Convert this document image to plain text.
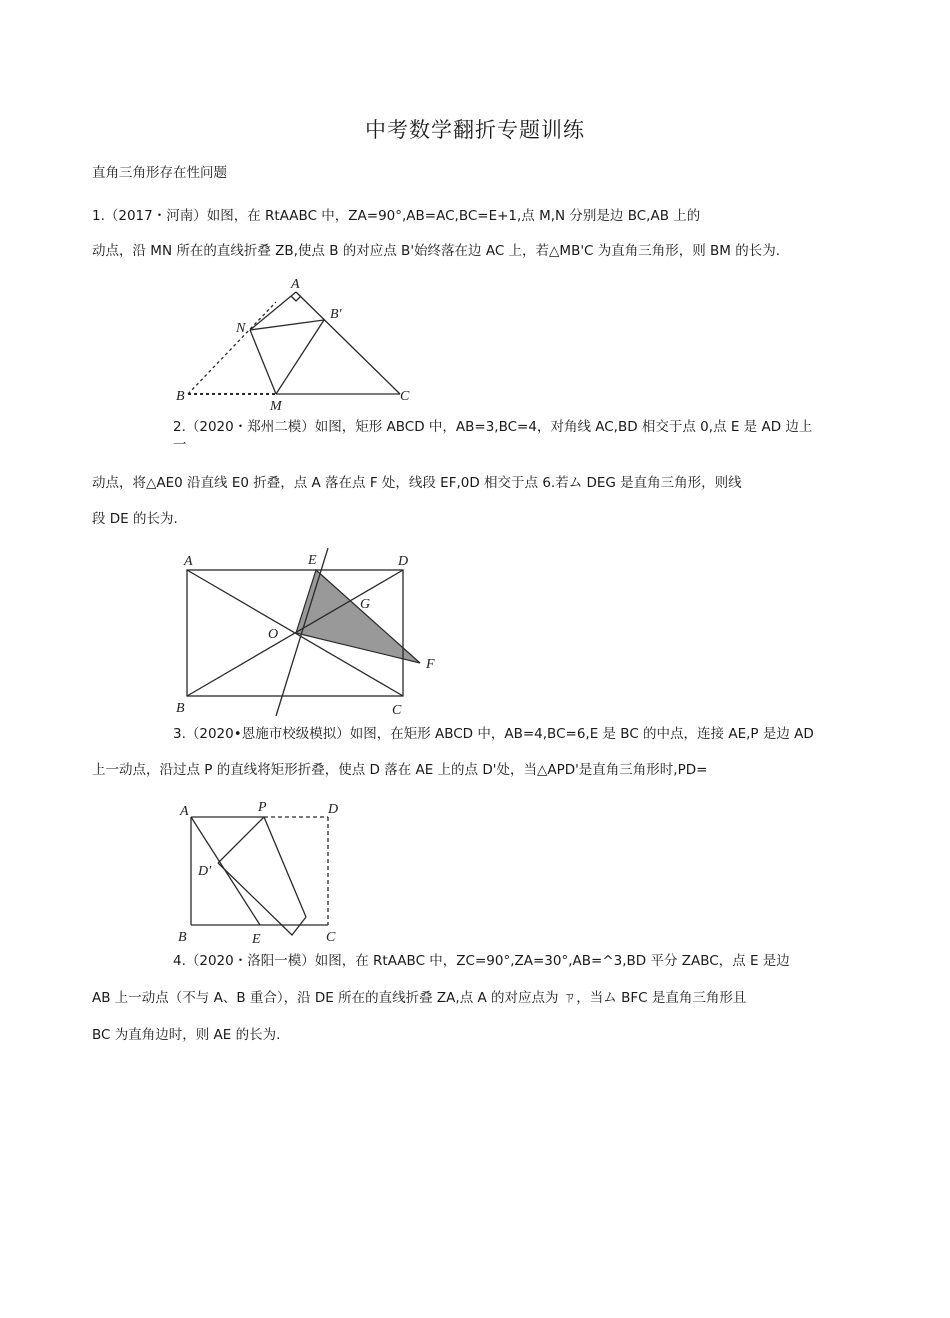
中考数学翻折专题训练
直角三角形存在性问题
1.（2017・河南）如图，在 RtAABC 中，ZA=90°,AB=AC,BC=E+1,点 M,N 分别是边 BC,AB 上的
动点，沿 MN 所在的直线折叠 ZB,使点 B 的对应点 B'始终落在边 AC 上，若△MB'C 为直角三角形，则 BM 的长为.
A
B'
N
B
M
C
2.（2020・郑州二模）如图，矩形 ABCD 中，AB=3,BC=4，对角线 AC,BD 相交于点 0,点 E 是 AD 边上
一
动点，将△AE0 沿直线 E0 折叠，点 A 落在点 F 处，线段 EF,0D 相交于点 6.若ム DEG 是直角三角形，则线
段 DE 的长为.
A	E	D
G
O
F
B	C
3.（2020•恩施市校级模拟）如图，在矩形 ABCD 中，AB=4,BC=6,E 是 BC 的中点，连接 AE,P 是边 AD
上一动点，沿过点 P 的直线将矩形折叠，使点 D 落在 AE 上的点 D'处，当△APD'是直角三角形时,PD=
A	P	D
D'
B	E	C
4.（2020・洛阳一模）如图，在 RtAABC 中，ZC=90°,ZA=30°,AB=^3,BD 平分 ZABC，点 E 是边
AB 上一动点（不与 A、B 重合），沿 DE 所在的直线折叠 ZA,点 A 的对应点为 ㄗ，当ム BFC 是直角三角形且
BC 为直角边时，则 AE 的长为.
